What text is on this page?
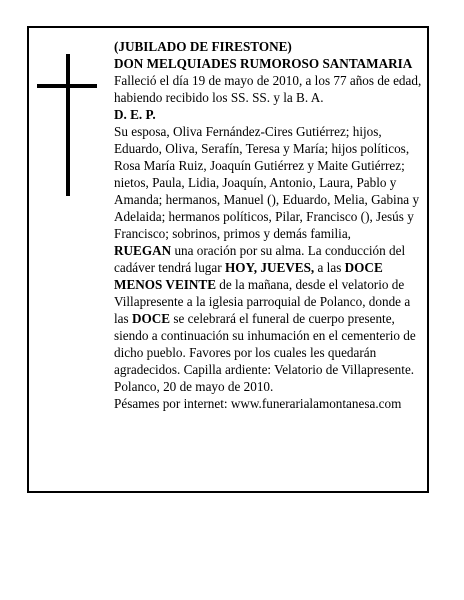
(JUBILADO DE FIRESTONE)

DON MELQUIADES RUMOROSO SANTAMARIA

Falleció el día 19 de mayo de 2010, a los 77 años de edad,

habiendo recibido los SS. SS. y la B. A.

D. E. P.

Su esposa, Oliva Fernández-Cires Gutiérrez; hijos, Eduardo, Oliva, Serafín, Teresa y María; hijos políticos, Rosa María Ruiz, Joaquín Gutiérrez y Maite Gutiérrez; nietos, Paula, Lidia, Joaquín, Antonio, Laura, Pablo y Amanda; hermanos, Manuel (), Eduardo, Melia, Gabina y Adelaida; hermanos políticos, Pilar, Francisco (), Jesús y Francisco; sobrinos, primos y demás familia,

RUEGAN una oración por su alma. La conducción del cadáver tendrá lugar HOY, JUEVES, a las DOCE MENOS VEINTE de la mañana, desde el velatorio de Villapresente a la iglesia parroquial de Polanco, donde a las DOCE se celebrará el funeral de cuerpo presente, siendo a continuación su inhumación en el cementerio de dicho pueblo. Favores por los cuales les quedarán agradecidos. Capilla ardiente: Velatorio de Villapresente.

Polanco, 20 de mayo de 2010.

Pésames por internet: www.funerarialamontanesa.com
